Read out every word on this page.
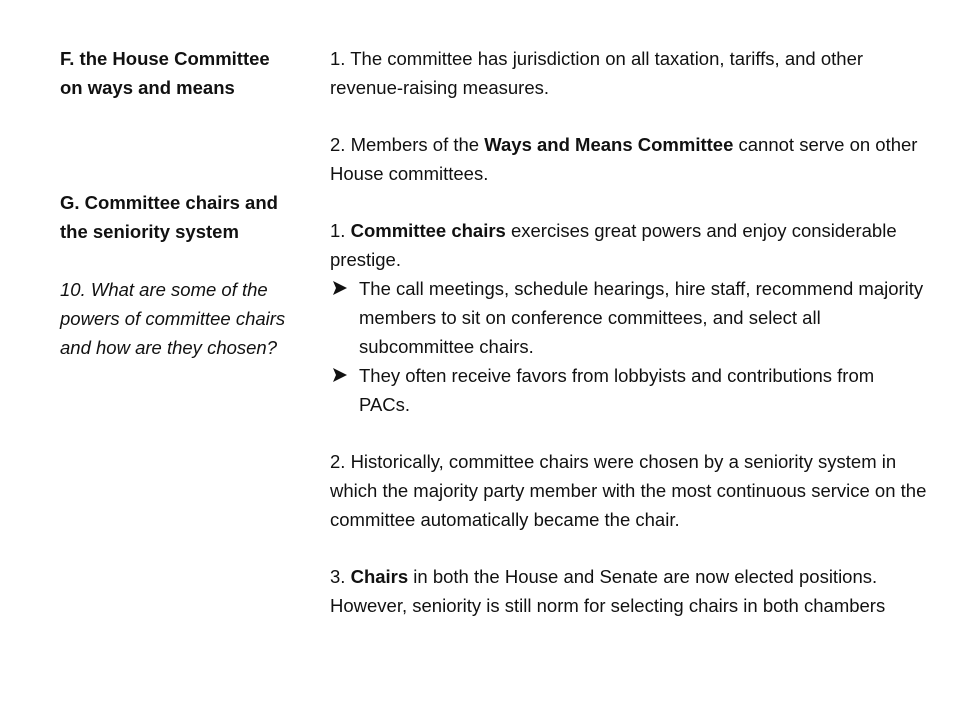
F. the House Committee on ways and means

G. Committee chairs and the seniority system

10. What are some of the powers of committee chairs and how are they chosen?

1. The committee has jurisdiction on all taxation, tariffs, and other revenue-raising measures.

2. Members of the Ways and Means Committee cannot serve on other House committees.

1. Committee chairs exercises great powers and enjoy considerable prestige.

The call meetings, schedule hearings, hire staff, recommend majority members to sit on conference committees, and select all subcommittee chairs.
They often receive favors from lobbyists and contributions from PACs.

2. Historically, committee chairs were chosen by a seniority system in which the majority party member with the most continuous service on the committee automatically became the chair.

3. Chairs in both the House and Senate are now elected positions. However, seniority is still norm for selecting chairs in both chambers
